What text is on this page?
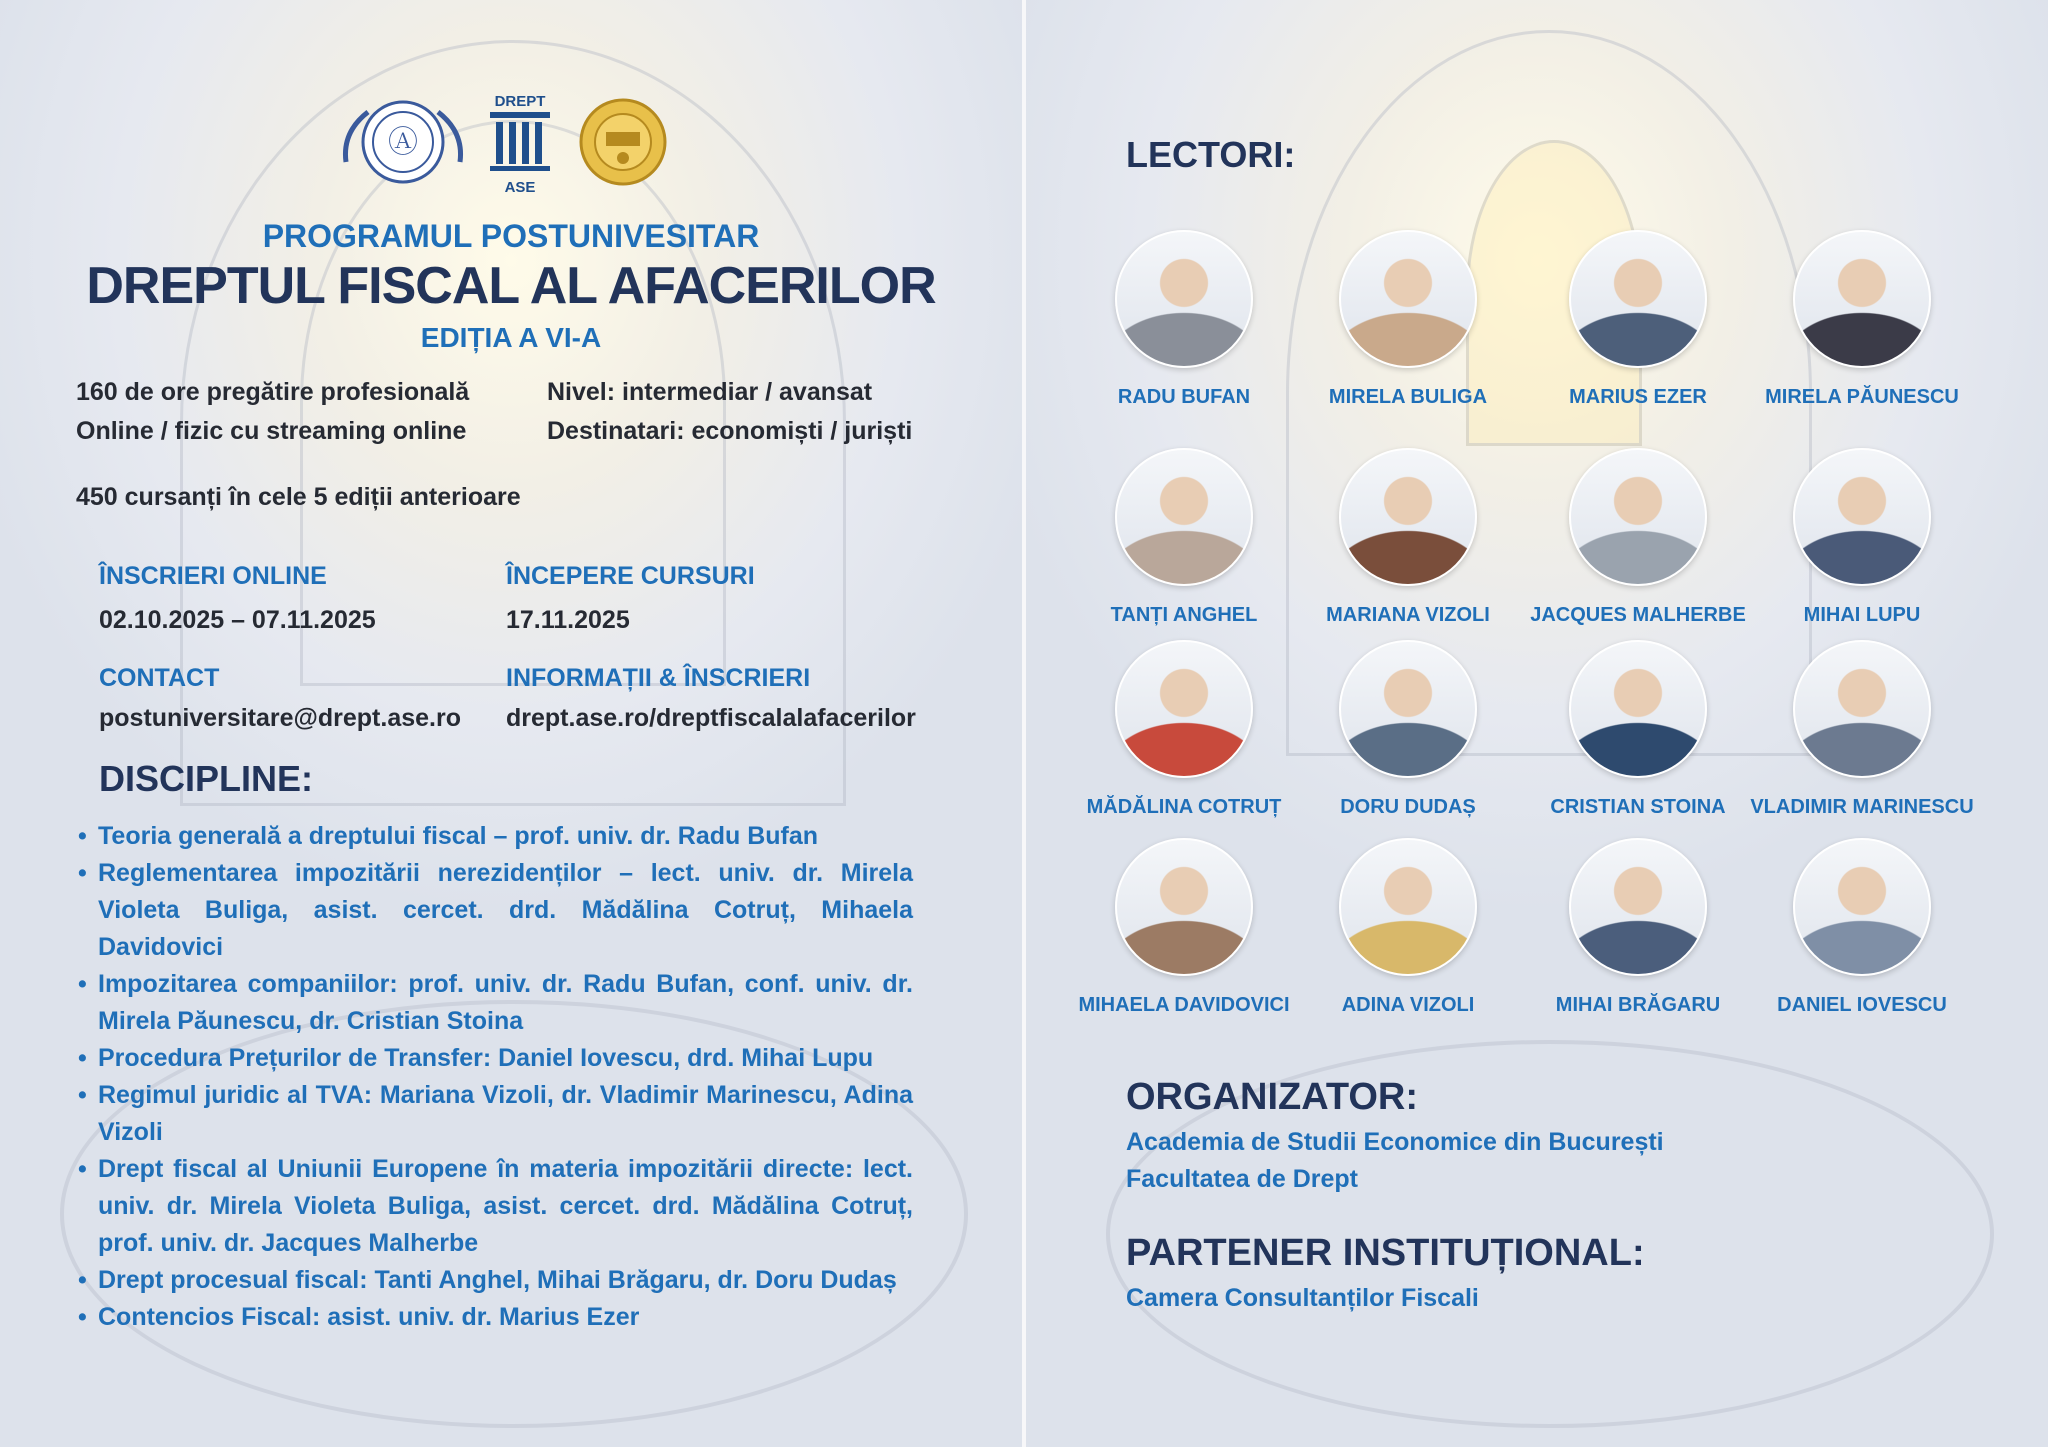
Ⓐ
DREPT
ASE
PROGRAMUL POSTUNIVESITAR
DREPTUL FISCAL AL AFACERILOR
EDIȚIA A VI-A
160 de ore pregătire profesională
Online / fizic cu streaming online
Nivel: intermediar / avansat
Destinatari: economiști / juriști
450 cursanți în cele 5 ediții anterioare
ÎNSCRIERI ONLINE
02.10.2025 – 07.11.2025
ÎNCEPERE CURSURI
17.11.2025
CONTACT
postuniversitare@drept.ase.ro
INFORMAȚII & ÎNSCRIERI
drept.ase.ro/dreptfiscalalafacerilor
DISCIPLINE:
• Teoria generală a dreptului fiscal – prof. univ. dr. Radu Bufan
• Reglementarea impozitării nerezidenților – lect. univ. dr. Mirela Violeta Buliga, asist. cercet. drd. Mădălina Cotruț, Mihaela Davidovici
• Impozitarea companiilor: prof. univ. dr. Radu Bufan, conf. univ. dr. Mirela Păunescu, dr. Cristian Stoina
• Procedura Prețurilor de Transfer: Daniel Iovescu, drd. Mihai Lupu
• Regimul juridic al TVA: Mariana Vizoli, dr. Vladimir Marinescu, Adina Vizoli
• Drept fiscal al Uniunii Europene în materia impozitării directe: lect. univ. dr. Mirela Violeta Buliga, asist. cercet. drd. Mădălina Cotruț, prof. univ. dr. Jacques Malherbe
• Drept procesual fiscal: Tanti Anghel, Mihai Brăgaru, dr. Doru Dudaș
• Contencios Fiscal: asist. univ. dr. Marius Ezer
LECTORI:
RADU BUFAN	MIRELA BULIGA	MARIUS EZER	MIRELA PĂUNESCU
TANȚI ANGHEL	MARIANA VIZOLI	JACQUES MALHERBE	MIHAI LUPU
MĂDĂLINA COTRUȚ	DORU DUDAȘ	CRISTIAN STOINA	VLADIMIR MARINESCU
MIHAELA DAVIDOVICI	ADINA VIZOLI	MIHAI BRĂGARU	DANIEL IOVESCU
ORGANIZATOR:
Academia de Studii Economice din București
Facultatea de Drept
PARTENER INSTITUȚIONAL:
Camera Consultanților Fiscali
